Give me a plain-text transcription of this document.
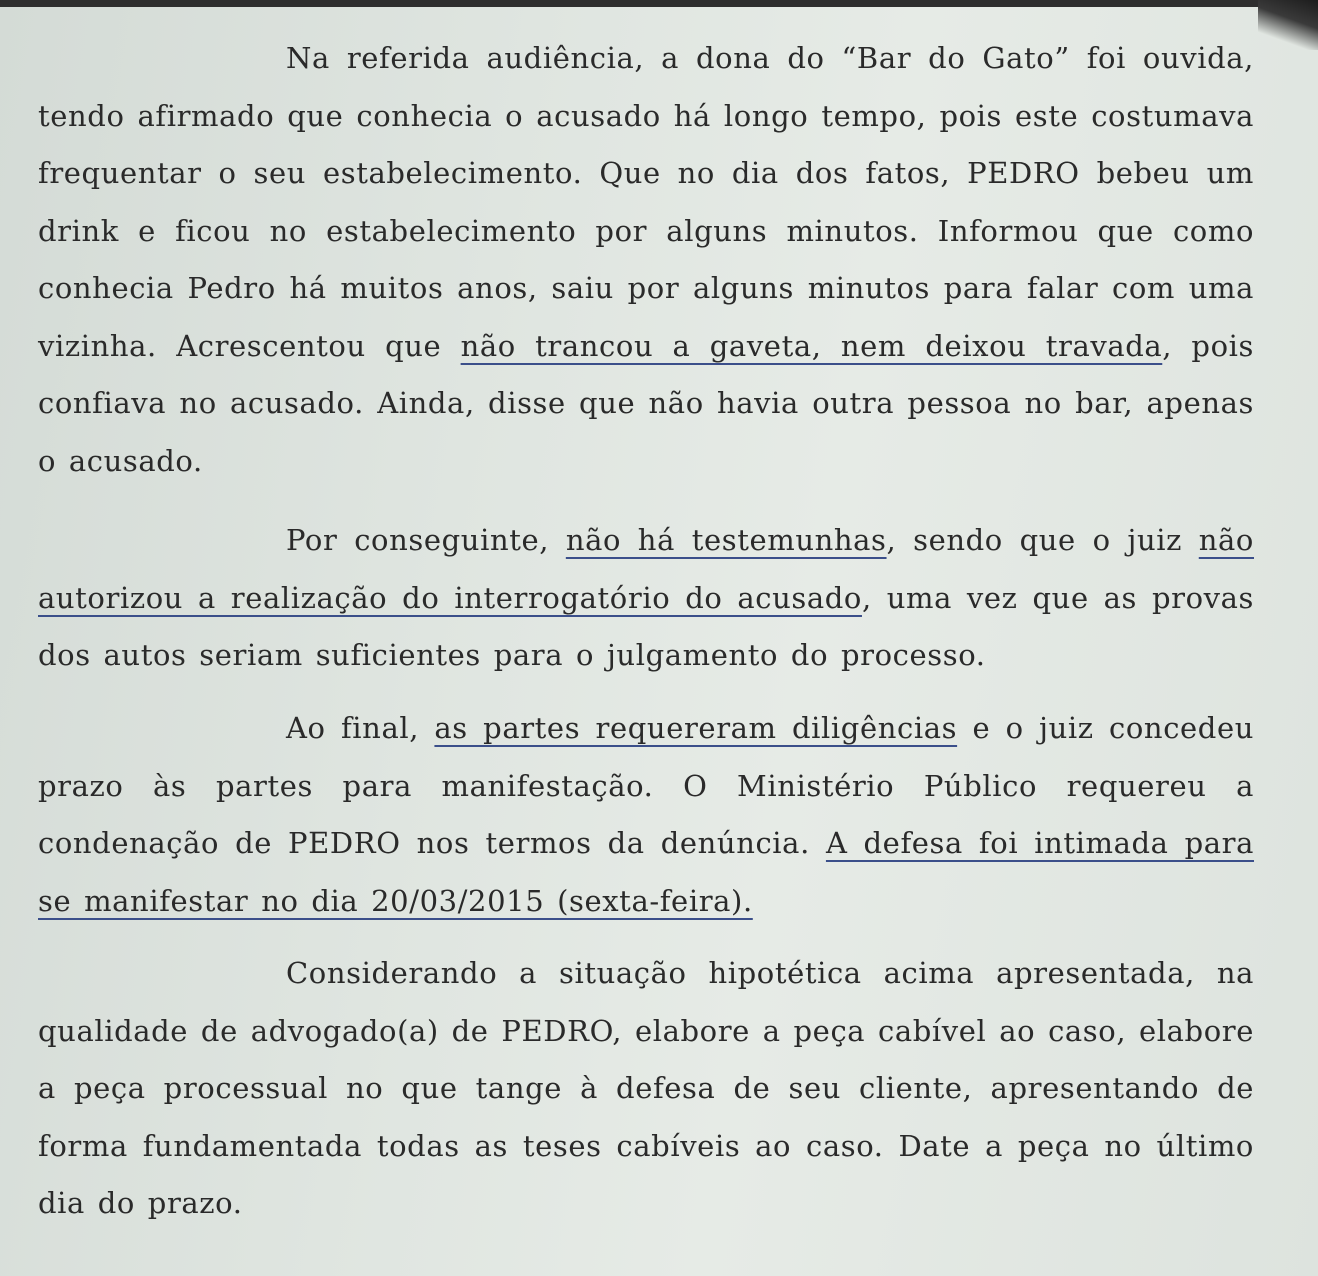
Na referida audiência, a dona do “Bar do Gato” foi ouvida, tendo afirmado que conhecia o acusado há longo tempo, pois este costumava frequentar o seu estabelecimento. Que no dia dos fatos, PEDRO bebeu um drink e ficou no estabelecimento por alguns minutos. Informou que como conhecia Pedro há muitos anos, saiu por alguns minutos para falar com uma vizinha. Acrescentou que não trancou a gaveta, nem deixou travada, pois confiava no acusado. Ainda, disse que não havia outra pessoa no bar, apenas o acusado.

Por conseguinte, não há testemunhas, sendo que o juiz não autorizou a realização do interrogatório do acusado, uma vez que as provas dos autos seriam suficientes para o julgamento do processo.

Ao final, as partes requereram diligências e o juiz concedeu prazo às partes para manifestação. O Ministério Público requereu a condenação de PEDRO nos termos da denúncia. A defesa foi intimada para se manifestar no dia 20/03/2015 (sexta-feira).

Considerando a situação hipotética acima apresentada, na qualidade de advogado(a) de PEDRO, elabore a peça cabível ao caso, elabore a peça processual no que tange à defesa de seu cliente, apresentando de forma fundamentada todas as teses cabíveis ao caso. Date a peça no último dia do prazo.
